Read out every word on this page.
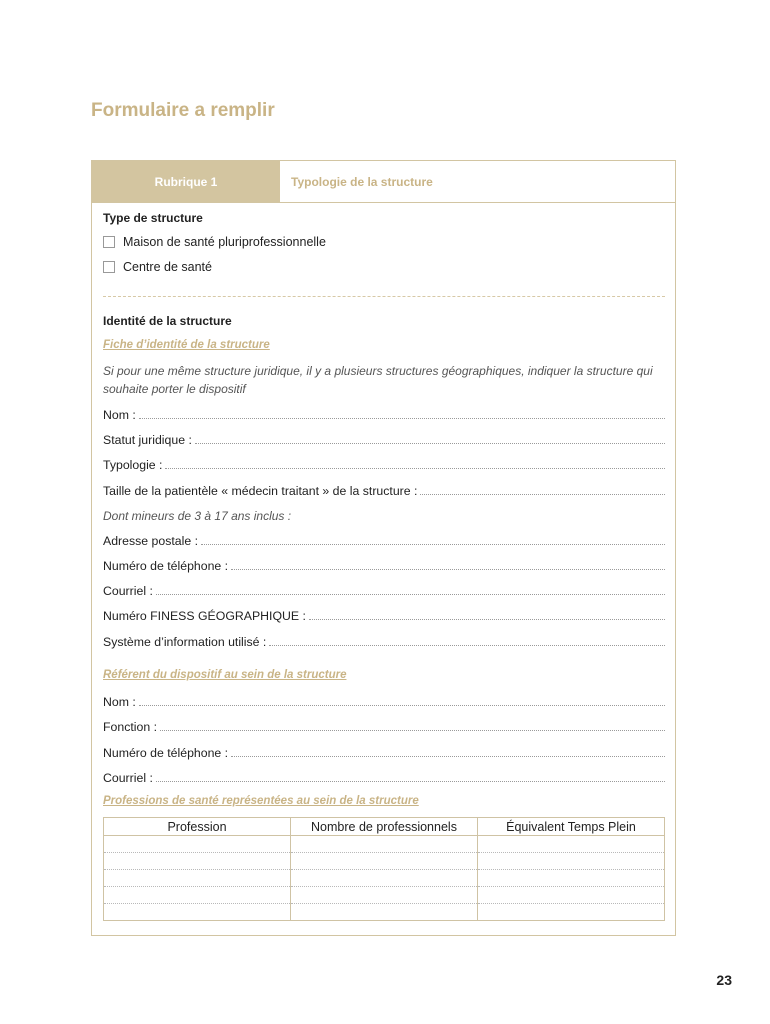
Formulaire a remplir
Rubrique 1	Typologie de la structure
Type de structure
Maison de santé pluriprofessionnelle
Centre de santé
Identité de la structure
Fiche d’identité de la structure
Si pour une même structure juridique, il y a plusieurs structures géographiques, indiquer la structure qui souhaite porter le dispositif
Nom :
Statut juridique :
Typologie :
Taille de la patientèle « médecin traitant » de la structure :
Dont mineurs de 3 à 17 ans inclus :
Adresse postale :
Numéro de téléphone :
Courriel :
Numéro FINESS GÉOGRAPHIQUE :
Système d’information utilisé :
Référent du dispositif au sein de la structure
Nom :
Fonction :
Numéro de téléphone :
Courriel :
Professions de santé représentées au sein de la structure
Profession	Nombre de professionnels	Équivalent Temps Plein

23
